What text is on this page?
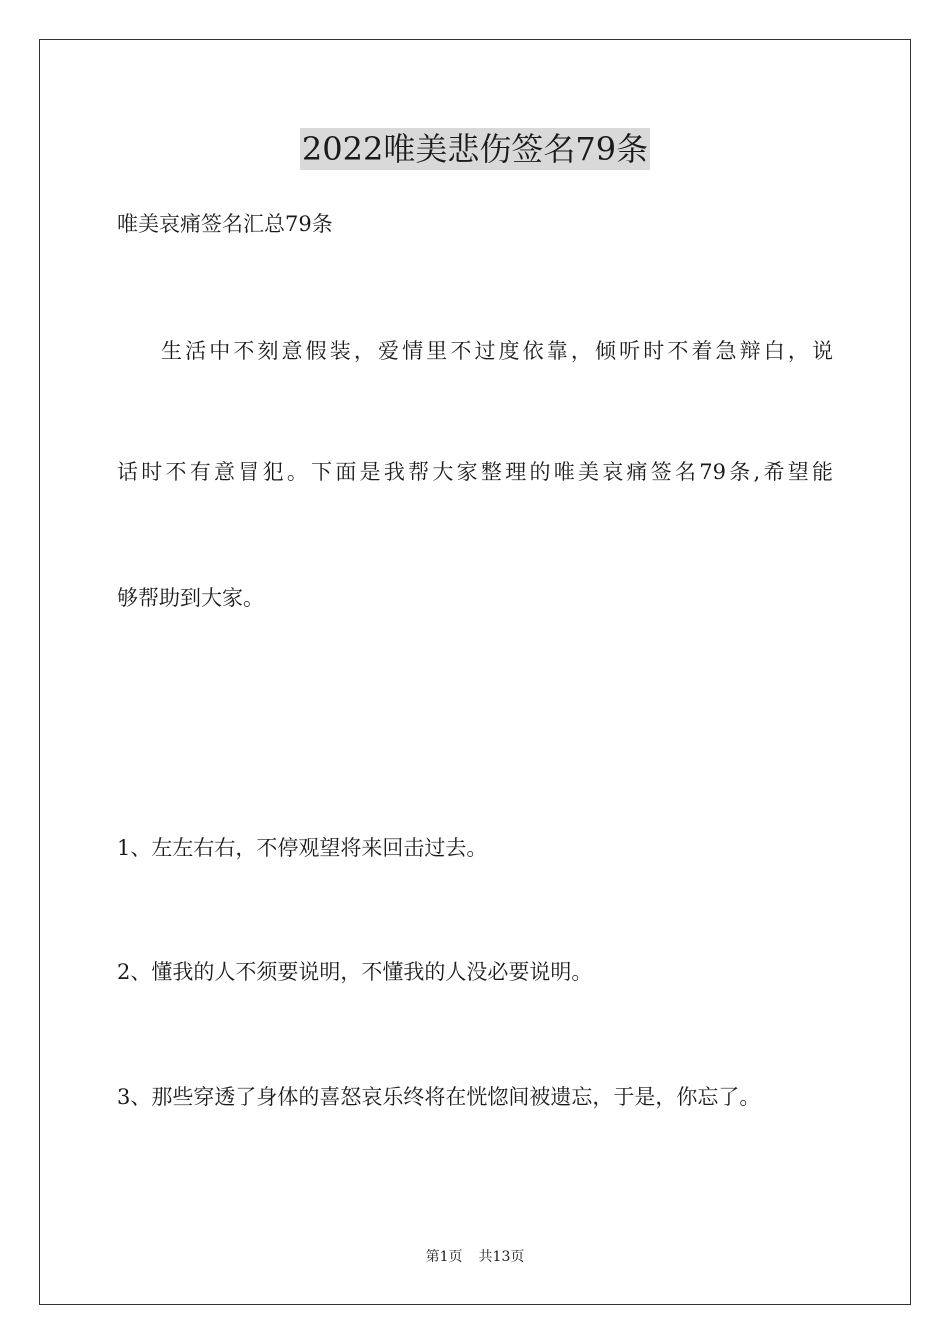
2022唯美悲伤签名79条
唯美哀痛签名汇总79条
生活中不刻意假装，爱情里不过度依靠，倾听时不着急辩白，说
话时不有意冒犯。下面是我帮大家整理的唯美哀痛签名79条,希望能
够帮助到大家。
1、左左右右，不停观望将来回击过去。
2、懂我的人不须要说明，不懂我的人没必要说明。
3、那些穿透了身体的喜怒哀乐终将在恍惚间被遗忘，于是，你忘了。
第1页 共13页
